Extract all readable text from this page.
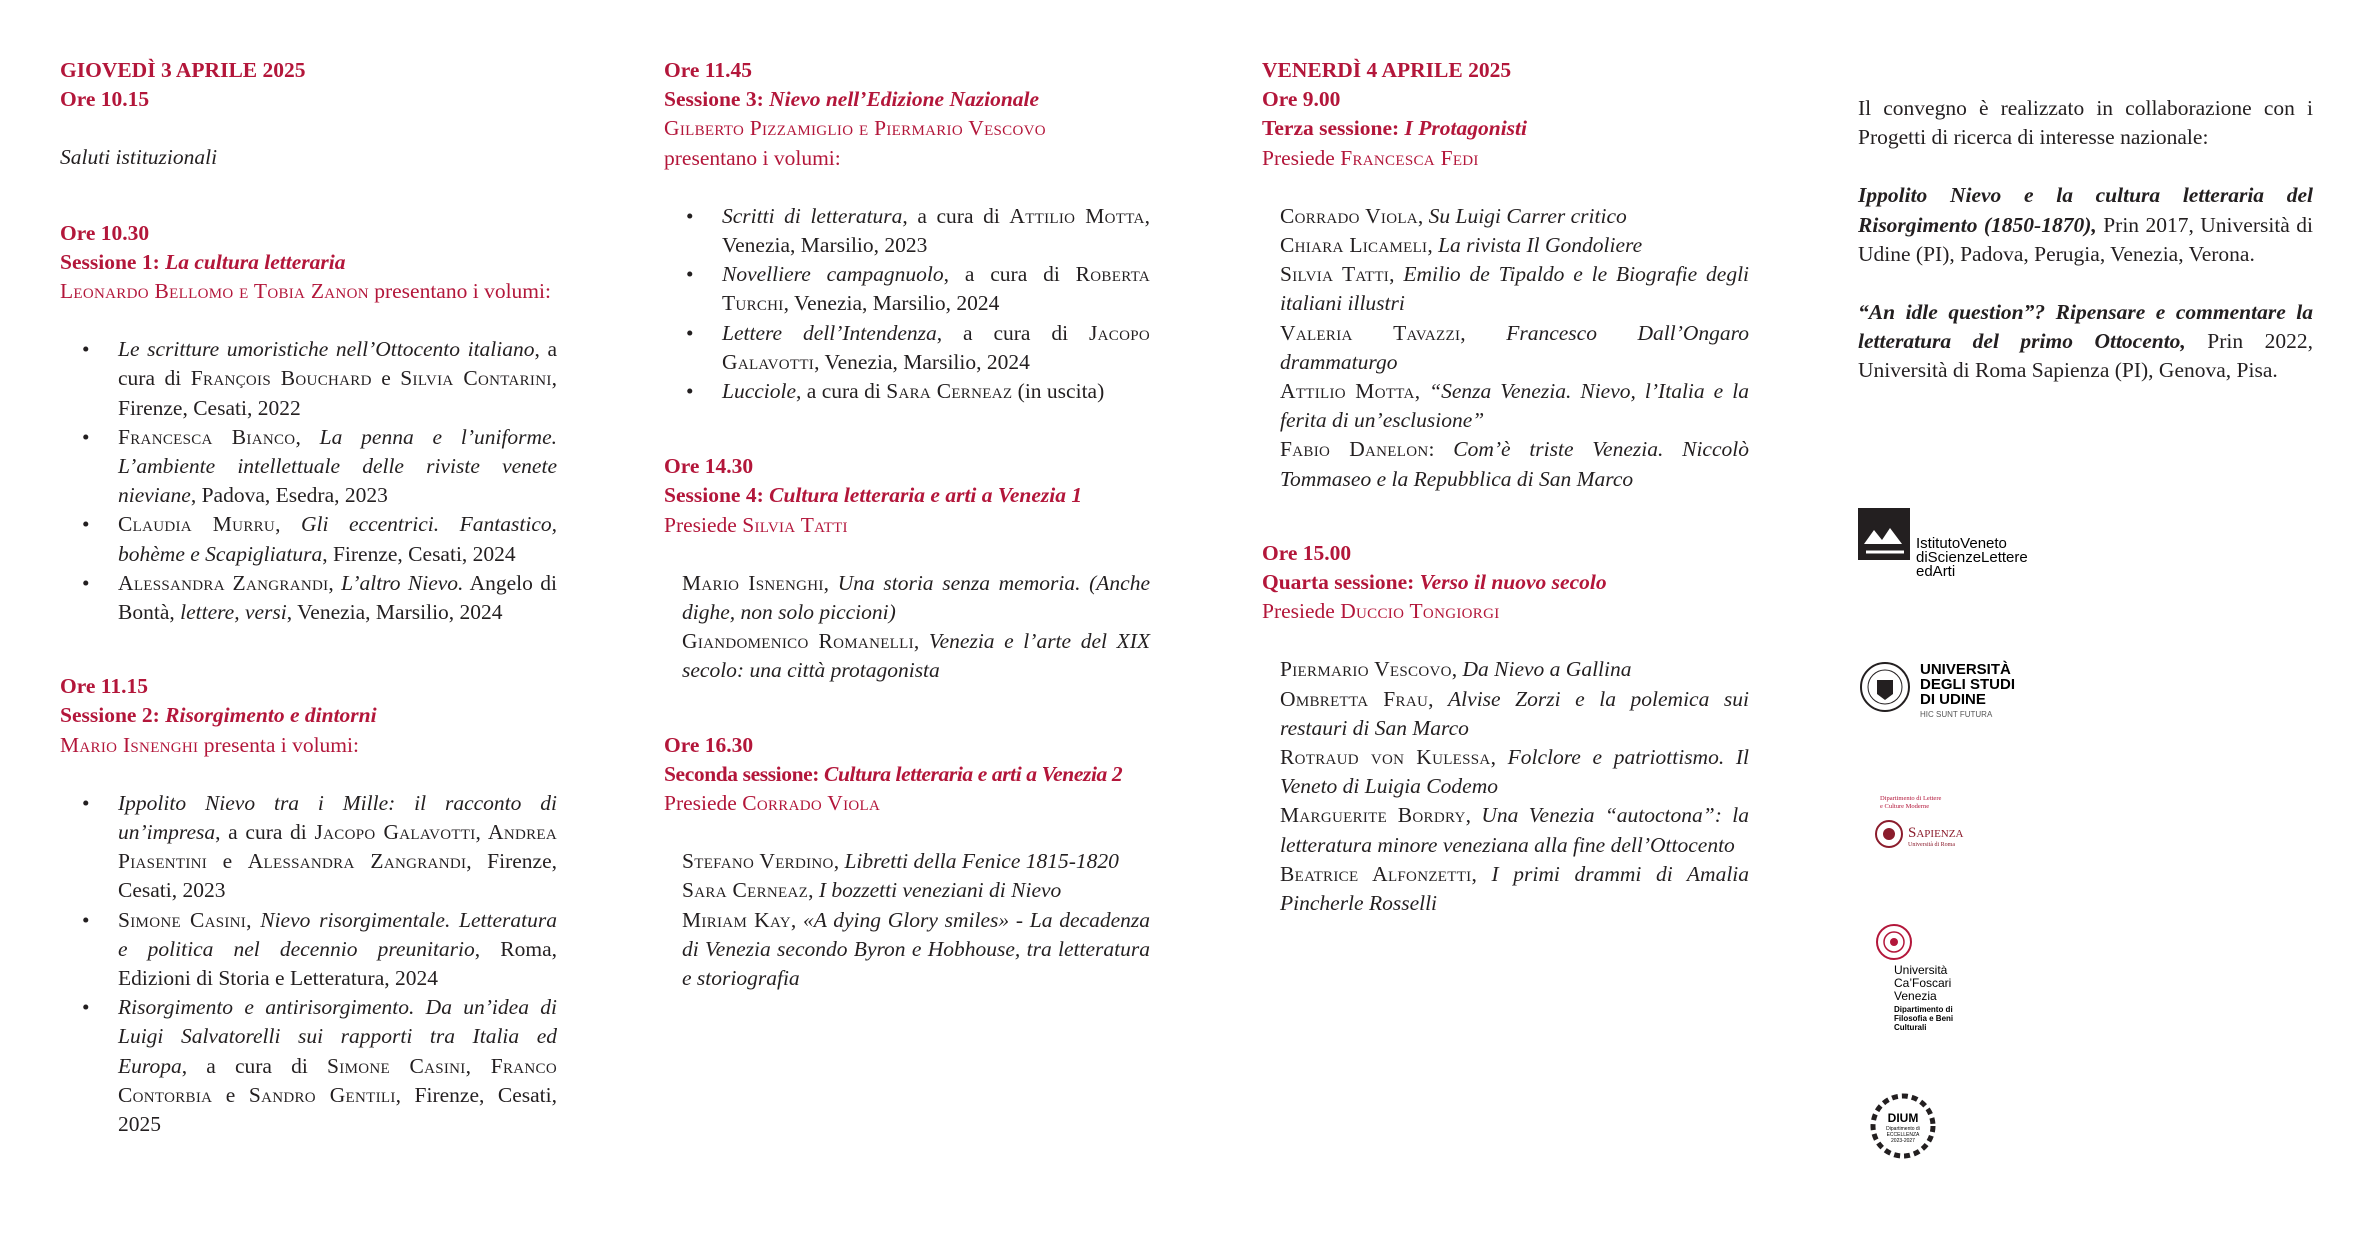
GIOVEDÌ 3 APRILE 2025
Ore 10.15
Saluti istituzionali
Ore 10.30
Sessione 1: La cultura letteraria
Leonardo Bellomo e Tobia Zanon presentano i volumi:
• Le scritture umoristiche nell’Ottocento italiano, a cura di François Bouchard e Silvia Contarini, Firenze, Cesati, 2022
• Francesca Bianco, La penna e l’uniforme. L’ambiente intellettuale delle riviste venete nieviane, Padova, Esedra, 2023
• Claudia Murru, Gli eccentrici. Fantastico, bohème e Scapigliatura, Firenze, Cesati, 2024
• Alessandra Zangrandi, L’altro Nievo. Angelo di Bontà, lettere, versi, Venezia, Marsilio, 2024
Ore 11.15
Sessione 2: Risorgimento e dintorni
Mario Isnenghi presenta i volumi:
• Ippolito Nievo tra i Mille: il racconto di un’impresa, a cura di Jacopo Galavotti, Andrea Piasentini e Alessandra Zangrandi, Firenze, Cesati, 2023
• Simone Casini, Nievo risorgimentale. Letteratura e politica nel decennio preunitario, Roma, Edizioni di Storia e Letteratura, 2024
• Risorgimento e antirisorgimento. Da un’idea di Luigi Salvatorelli sui rapporti tra Italia ed Europa, a cura di Simone Casini, Franco Contorbia e Sandro Gentili, Firenze, Cesati, 2025
Ore 11.45
Sessione 3: Nievo nell’Edizione Nazionale
Gilberto Pizzamiglio e Piermario Vescovo
presentano i volumi:
• Scritti di letteratura, a cura di Attilio Motta, Venezia, Marsilio, 2023
• Novelliere campagnuolo, a cura di Roberta Turchi, Venezia, Marsilio, 2024
• Lettere dell’Intendenza, a cura di Jacopo Galavotti, Venezia, Marsilio, 2024
• Lucciole, a cura di Sara Cerneaz (in uscita)
Ore 14.30
Sessione 4: Cultura letteraria e arti a Venezia 1
Presiede Silvia Tatti

Mario Isnenghi, Una storia senza memoria. (Anche dighe, non solo piccioni)

Giandomenico Romanelli, Venezia e l’arte del XIX secolo: una città protagonista

Ore 16.30
Seconda sessione: Cultura letteraria e arti a Venezia 2
Presiede Corrado Viola

Stefano Verdino, Libretti della Fenice 1815-1820

Sara Cerneaz, I bozzetti veneziani di Nievo

Miriam Kay, «A dying Glory smiles» - La decadenza di Venezia secondo Byron e Hobhouse, tra letteratura e storiografia

VENERDÌ 4 APRILE 2025
Ore 9.00
Terza sessione: I Protagonisti
Presiede Francesca Fedi

Corrado Viola, Su Luigi Carrer critico

Chiara Licameli, La rivista Il Gondoliere

Silvia Tatti, Emilio de Tipaldo e le Biografie degli italiani illustri

Valeria Tavazzi, Francesco Dall’Ongaro drammaturgo

Attilio Motta, “Senza Venezia. Nievo, l’Italia e la ferita di un’esclusione”

Fabio Danelon: Com’è triste Venezia. Niccolò Tommaseo e la Repubblica di San Marco

Ore 15.00
Quarta sessione: Verso il nuovo secolo
Presiede Duccio Tongiorgi

Piermario Vescovo, Da Nievo a Gallina

Ombretta Frau, Alvise Zorzi e la polemica sui restauri di San Marco

Rotraud von Kulessa, Folclore e patriottismo. Il Veneto di Luigia Codemo

Marguerite Bordry, Una Venezia “autoctona”: la letteratura minore veneziana alla fine dell’Ottocento

Beatrice Alfonzetti, I primi drammi di Amalia Pincherle Rosselli

Il convegno è realizzato in collaborazione con i Progetti di ricerca di interesse nazionale:

Ippolito Nievo e la cultura letteraria del Risorgimento (1850-1870), Prin 2017, Università di Udine (PI), Padova, Perugia, Venezia, Verona.

“An idle question”? Ripensare e commentare la letteratura del primo Ottocento, Prin 2022, Università di Roma Sapienza (PI), Genova, Pisa.

IstitutoVeneto
diScienzeLettere
edArti
UNIVERSITÀ
DEGLI STUDI
DI UDINE
HIC SUNT FUTURA
Dipartimento di Lettere
e Culture Moderne
Sapienza
Università di Roma
Università
Ca’Foscari
Venezia
Dipartimento di
Filosofia e Beni
Culturali
DIUM
Dipartimento di
ECCELLENZA
2023-2027
